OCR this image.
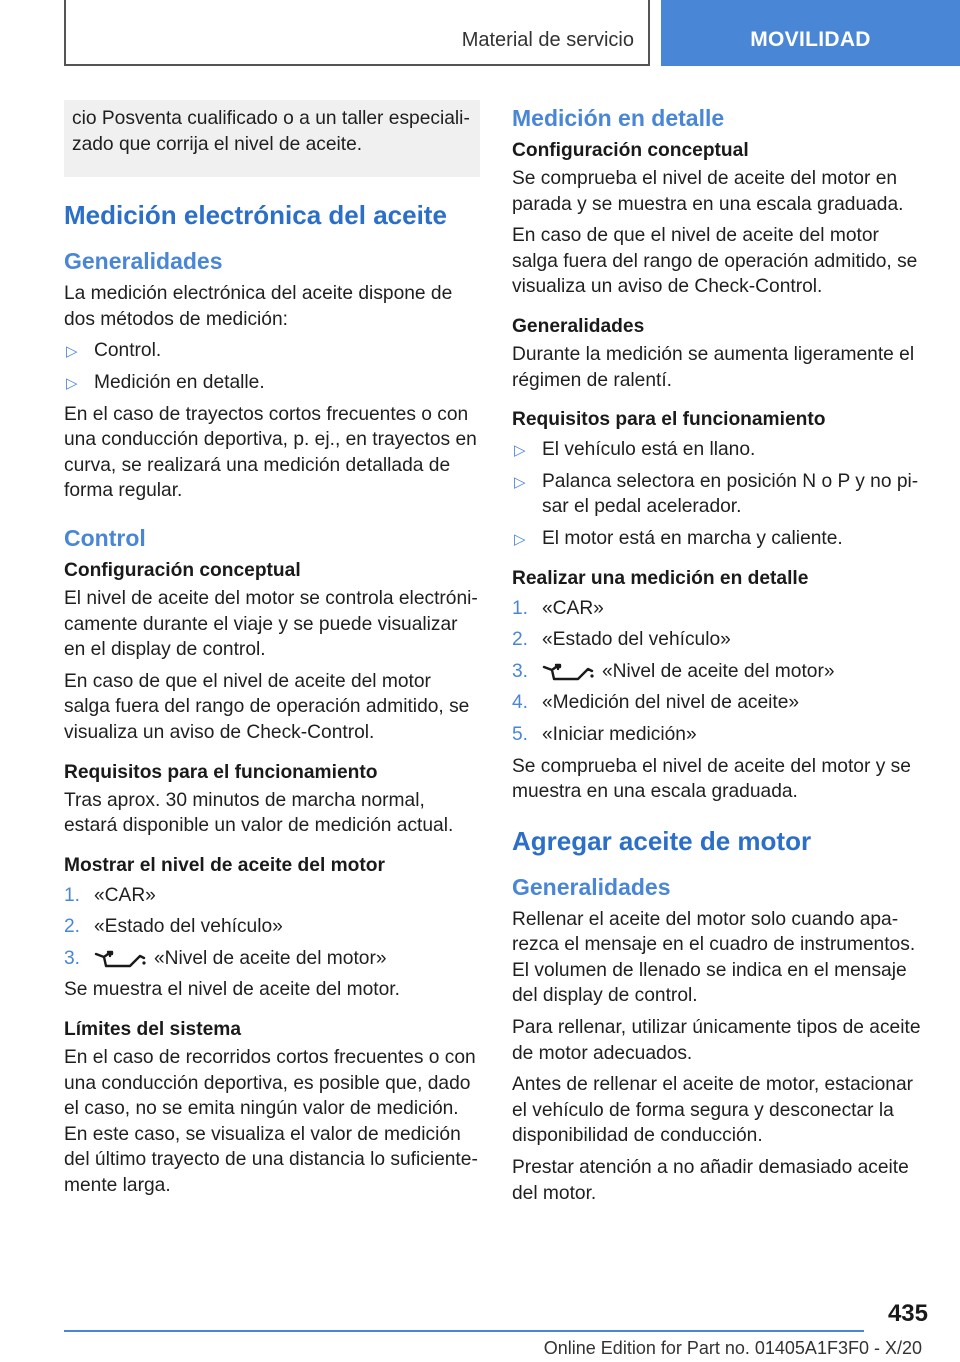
Material de servicio	MOVILIDAD

cio Posventa cualificado o a un taller especializado que corrija el nivel de aceite.

Medición electrónica del aceite
Generalidades

La medición electrónica del aceite dispone de dos métodos de medición:

▷ Control.
▷ Medición en detalle.

En el caso de trayectos cortos frecuentes o con una conducción deportiva, p. ej., en trayectos en curva, se realizará una medición detallada de forma regular.

Control
Configuración conceptual

El nivel de aceite del motor se controla electrónicamente durante el viaje y se puede visualizar en el display de control.

En caso de que el nivel de aceite del motor salga fuera del rango de operación admitido, se visualiza un aviso de Check-Control.

Requisitos para el funcionamiento

Tras aprox. 30 minutos de marcha normal, estará disponible un valor de medición actual.

Mostrar el nivel de aceite del motor
1. «CAR»
2. «Estado del vehículo»
3.	«Nivel de aceite del motor»

Se muestra el nivel de aceite del motor.

Límites del sistema

En el caso de recorridos cortos frecuentes o con una conducción deportiva, es posible que, dado el caso, no se emita ningún valor de medición. En este caso, se visualiza el valor de medición del último trayecto de una distancia lo suficientemente larga.

Medición en detalle
Configuración conceptual

Se comprueba el nivel de aceite del motor en parada y se muestra en una escala graduada.

En caso de que el nivel de aceite del motor salga fuera del rango de operación admitido, se visualiza un aviso de Check-Control.

Generalidades

Durante la medición se aumenta ligeramente el régimen de ralentí.

Requisitos para el funcionamiento
▷ El vehículo está en llano.
▷ Palanca selectora en posición N o P y no pisar el pedal acelerador.
▷ El motor está en marcha y caliente.
Realizar una medición en detalle
1. «CAR»
2. «Estado del vehículo»
3.	«Nivel de aceite del motor»
4. «Medición del nivel de aceite»
5. «Iniciar medición»

Se comprueba el nivel de aceite del motor y se muestra en una escala graduada.

Agregar aceite de motor
Generalidades

Rellenar el aceite del motor solo cuando aparezca el mensaje en el cuadro de instrumentos. El volumen de llenado se indica en el mensaje del display de control.

Para rellenar, utilizar únicamente tipos de aceite de motor adecuados.

Antes de rellenar el aceite de motor, estacionar el vehículo de forma segura y desconectar la disponibilidad de conducción.

Prestar atención a no añadir demasiado aceite del motor.

435
Online Edition for Part no. 01405A1F3F0 - X/20
